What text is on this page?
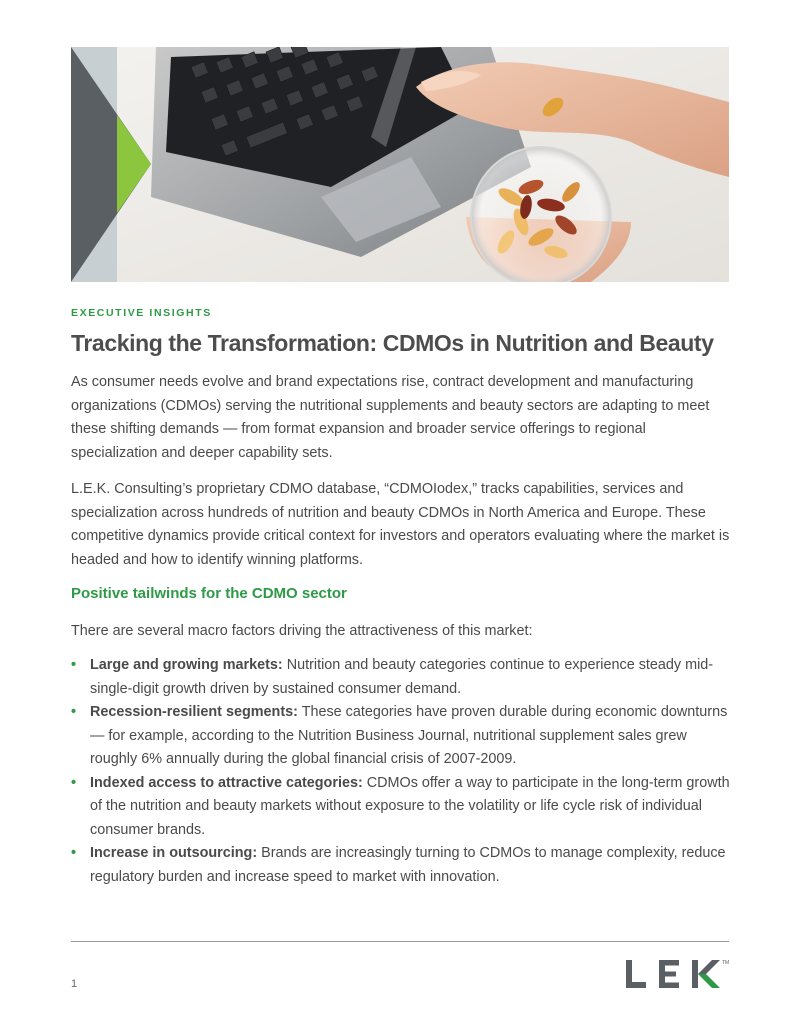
EXECUTIVE INSIGHTS

Tracking the Transformation: CDMOs in Nutrition and Beauty

As consumer needs evolve and brand expectations rise, contract development and manufacturing organizations (CDMOs) serving the nutritional supplements and beauty sectors are adapting to meet these shifting demands — from format expansion and broader service offerings to regional specialization and deeper capability sets.

L.E.K. Consulting’s proprietary CDMO database, “CDMOIodex,” tracks capabilities, services and specialization across hundreds of nutrition and beauty CDMOs in North America and Europe. These competitive dynamics provide critical context for investors and operators evaluating where the market is headed and how to identify winning platforms.

Positive tailwinds for the CDMO sector

There are several macro factors driving the attractiveness of this market:

• Large and growing markets: Nutrition and beauty categories continue to experience steady mid-single-digit growth driven by sustained consumer demand.
• Recession-resilient segments: These categories have proven durable during economic downturns — for example, according to the Nutrition Business Journal, nutritional supplement sales grew roughly 6% annually during the global financial crisis of 2007-2009.
• Indexed access to attractive categories: CDMOs offer a way to participate in the long-term growth of the nutrition and beauty markets without exposure to the volatility or life cycle risk of individual consumer brands.
• Increase in outsourcing: Brands are increasingly turning to CDMOs to manage complexity, reduce regulatory burden and increase speed to market with innovation.

1

TM
